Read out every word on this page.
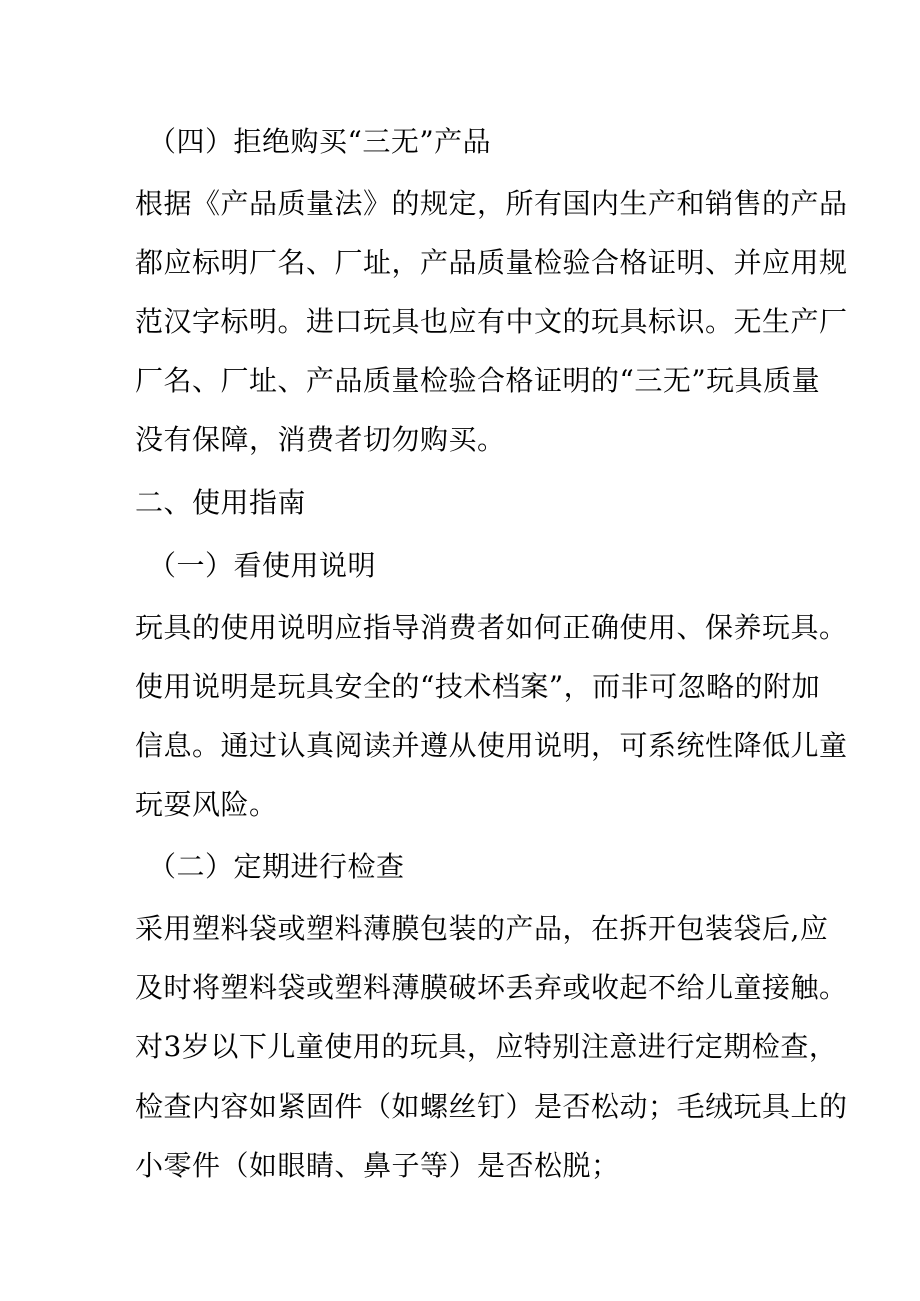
（四）拒绝购买“三无”产品
根据《产品质量法》的规定，所有国内生产和销售的产品
都应标明厂名、厂址，产品质量检验合格证明、并应用规
范汉字标明。进口玩具也应有中文的玩具标识。无生产厂
厂名、厂址、产品质量检验合格证明的“三无”玩具质量
没有保障，消费者切勿购买。
二、使用指南
（一）看使用说明
玩具的使用说明应指导消费者如何正确使用、保养玩具。
使用说明是玩具安全的“技术档案”，而非可忽略的附加
信息。通过认真阅读并遵从使用说明，可系统性降低儿童
玩耍风险。
（二）定期进行检查
采用塑料袋或塑料薄膜包装的产品，在拆开包装袋后,应
及时将塑料袋或塑料薄膜破坏丢弃或收起不给儿童接触。
对3岁以下儿童使用的玩具，应特别注意进行定期检查，
检查内容如紧固件（如螺丝钉）是否松动；毛绒玩具上的
小零件（如眼睛、鼻子等）是否松脱；
